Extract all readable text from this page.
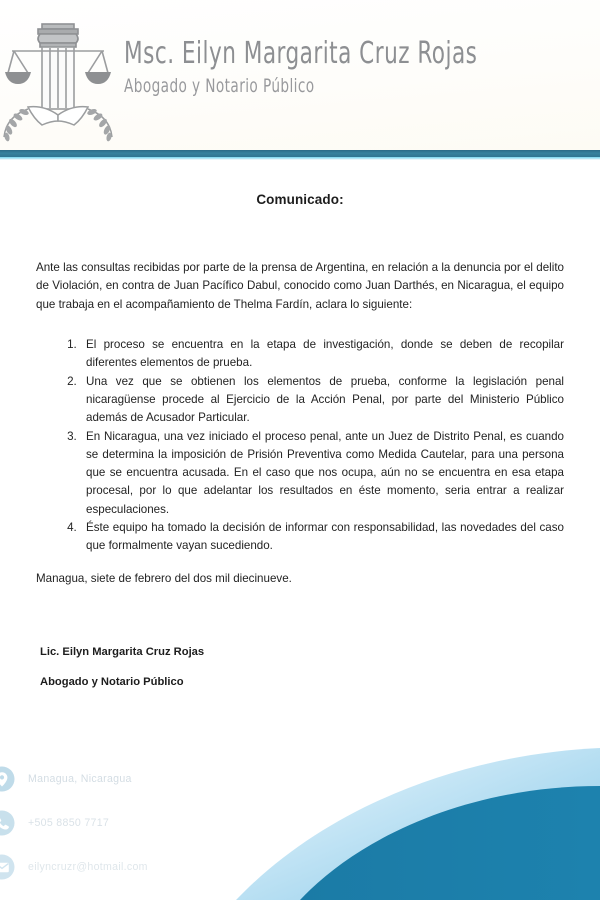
Msc. Eilyn Margarita Cruz Rojas
Abogado y Notario Público
Comunicado:

Ante las consultas recibidas por parte de la prensa de Argentina, en relación a la denuncia por el delito de Violación, en contra de Juan Pacífico Dabul, conocido como Juan Darthés, en Nicaragua, el equipo que trabaja en el acompañamiento de Thelma Fardín, aclara lo siguiente:

1. El proceso se encuentra en la etapa de investigación, donde se deben de recopilar diferentes elementos de prueba.
2. Una vez que se obtienen los elementos de prueba, conforme la legislación penal nicaragüense procede al Ejercicio de la Acción Penal, por parte del Ministerio Público además de Acusador Particular.
3. En Nicaragua, una vez iniciado el proceso penal, ante un Juez de Distrito Penal, es cuando se determina la imposición de Prisión Preventiva como Medida Cautelar, para una persona que se encuentra acusada. En el caso que nos ocupa, aún no se encuentra en esa etapa procesal, por lo que adelantar los resultados en éste momento, seria entrar a realizar especulaciones.
4. Éste equipo ha tomado la decisión de informar con responsabilidad, las novedades del caso que formalmente vayan sucediendo.
Managua, siete de febrero del dos mil diecinueve.
Lic. Eilyn Margarita Cruz Rojas
Abogado y Notario Público
Managua, Nicaragua
+505 8850 7717
eilyncruzr@hotmail.com
